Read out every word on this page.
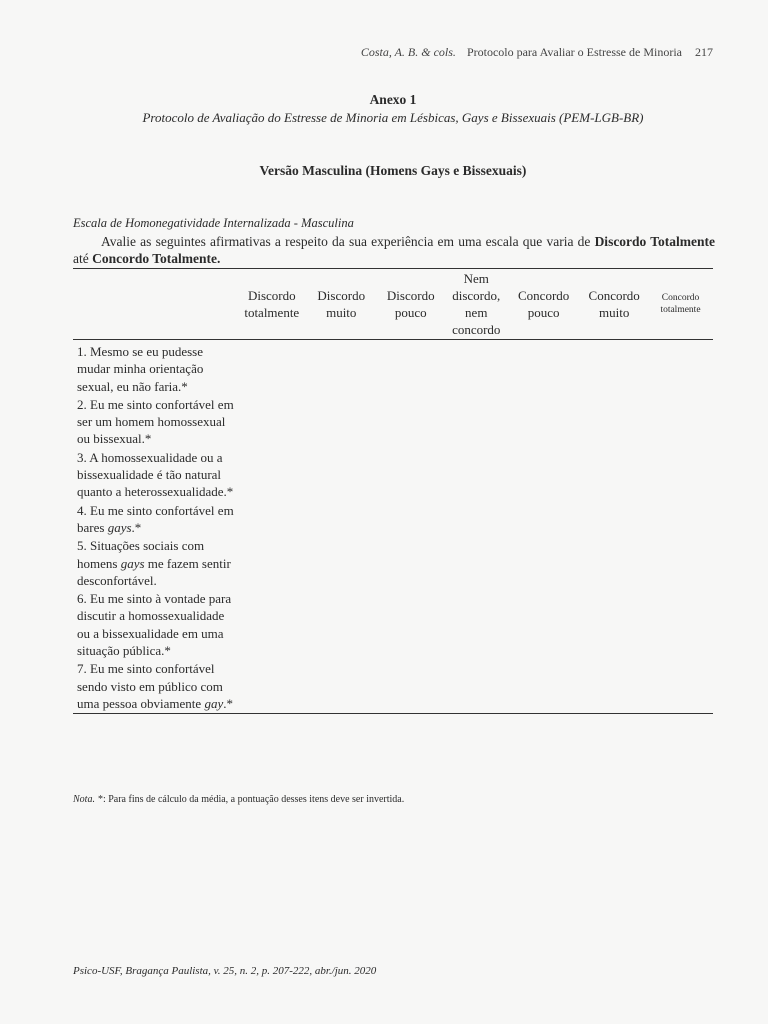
Costa, A. B. & cols. Protocolo para Avaliar o Estresse de Minoria 217
Anexo 1
Protocolo de Avaliação do Estresse de Minoria em Lésbicas, Gays e Bissexuais (PEM-LGB-BR)
Versão Masculina (Homens Gays e Bissexuais)
Escala de Homonegatividade Internalizada - Masculina
Avalie as seguintes afirmativas a respeito da sua experiência em uma escala que varia de Discordo Totalmente até Concordo Totalmente.
	Discordo totalmente	Discordo muito	Discordo pouco	Nem discordo, nem concordo	Concordo pouco	Concordo muito	Concordo totalmente

1. Mesmo se eu pudesse mudar minha orientação sexual, eu não faria.*							

2. Eu me sinto confortável em ser um homem homossexual ou bissexual.*							

3. A homossexualidade ou a bissexualidade é tão natural quanto a heterossexualidade.*							

4. Eu me sinto confortável em bares gays.*							

5. Situações sociais com homens gays me fazem sentir desconfortável.							

6. Eu me sinto à vontade para discutir a homossexualidade ou a bissexualidade em uma situação pública.*							

7. Eu me sinto confortável sendo visto em público com uma pessoa obviamente gay.*							

Nota. *: Para fins de cálculo da média, a pontuação desses itens deve ser invertida.
Psico-USF, Bragança Paulista, v. 25, n. 2, p. 207-222, abr./jun. 2020
